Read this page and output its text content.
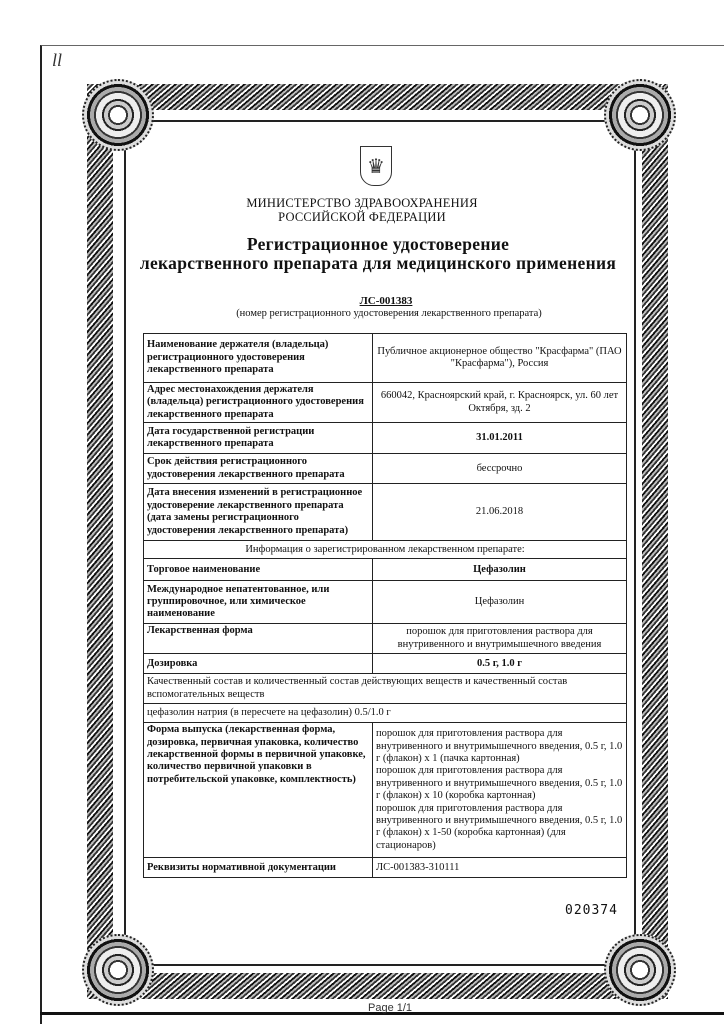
ll
♛
МИНИСТЕРСТВО ЗДРАВООХРАНЕНИЯ
РОССИЙСКОЙ ФЕДЕРАЦИИ
Регистрационное удостоверение
лекарственного препарата для медицинского применения
ЛС-001383
(номер регистрационного удостоверения лекарственного препарата)
Наименование держателя (владельца) регистрационного удостоверения лекарственного препарата	Публичное акционерное общество "Красфарма" (ПАО "Красфарма"), Россия
Адрес местонахождения держателя (владельца) регистрационного удостоверения лекарственного препарата	660042, Красноярский край, г. Красноярск, ул. 60 лет Октября, зд. 2
Дата государственной регистрации лекарственного препарата	31.01.2011
Срок действия регистрационного удостоверения лекарственного препарата	бессрочно
Дата внесения изменений в регистрационное удостоверение лекарственного препарата (дата замены регистрационного удостоверения лекарственного препарата)	21.06.2018
Информация о зарегистрированном лекарственном препарате:	
Торговое наименование	Цефазолин
Международное непатентованное, или группировочное, или химическое наименование	Цефазолин
Лекарственная форма	порошок для приготовления раствора для внутривенного и внутримышечного введения
Дозировка	0.5 г, 1.0 г
Качественный состав и количественный состав действующих веществ и качественный состав вспомогательных веществ	
цефазолин натрия (в пересчете на цефазолин) 0.5/1.0 г	
Форма выпуска (лекарственная форма, дозировка, первичная упаковка, количество лекарственной формы в первичной упаковке, количество первичной упаковки в потребительской упаковке, комплектность)	порошок для приготовления раствора для внутривенного и внутримышечного введения, 0.5 г, 1.0 г (флакон) х 1 (пачка картонная)
порошок для приготовления раствора для внутривенного и внутримышечного введения, 0.5 г, 1.0 г (флакон) х 10 (коробка картонная)
порошок для приготовления раствора для внутривенного и внутримышечного введения, 0.5 г, 1.0 г (флакон) х 1-50 (коробка картонная) (для стационаров)

Реквизиты нормативной документации	ЛС-001383-310111
020374
Page 1/1
